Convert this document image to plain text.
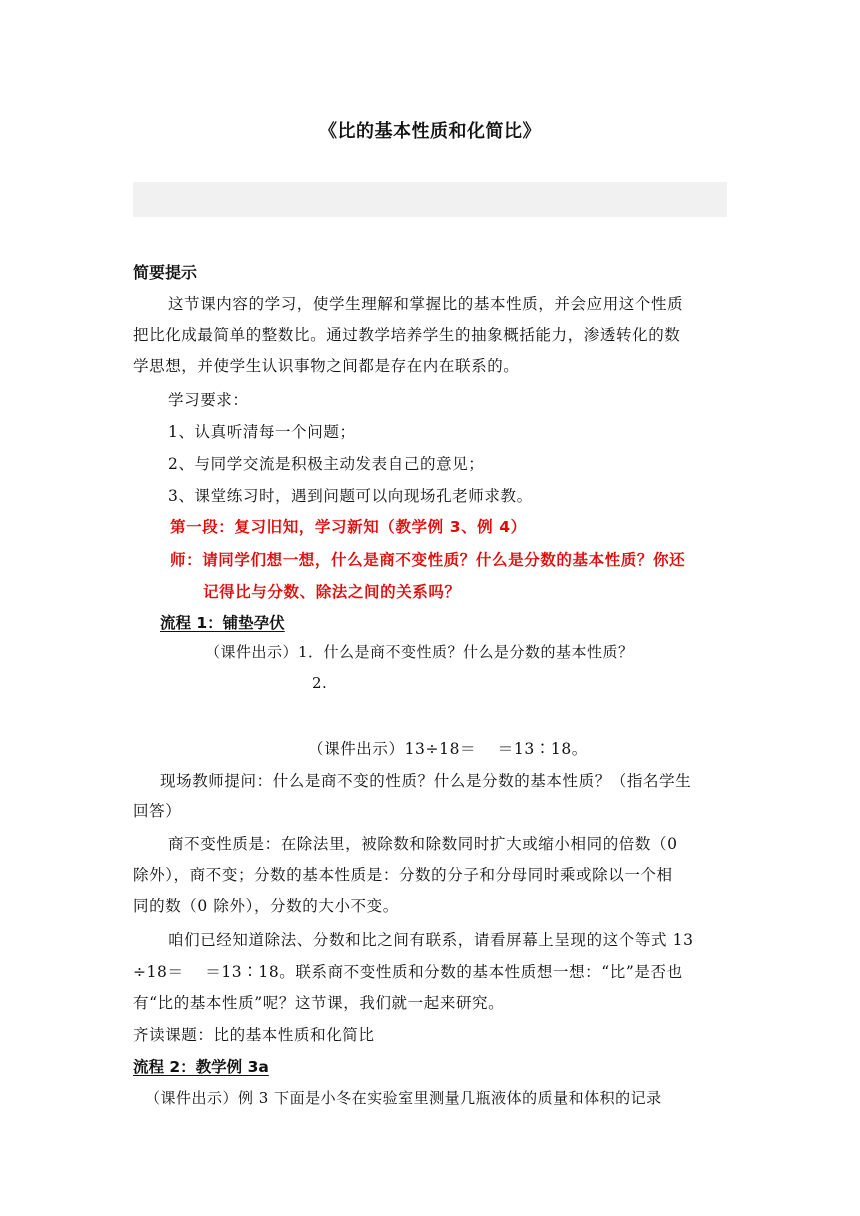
《比的基本性质和化简比》
简要提示
这节课内容的学习，使学生理解和掌握比的基本性质，并会应用这个性质
把比化成最简单的整数比。通过教学培养学生的抽象概括能力，渗透转化的数
学思想，并使学生认识事物之间都是存在内在联系的。
学习要求：
1、认真听清每一个问题；
2、与同学交流是积极主动发表自己的意见；
3、课堂练习时，遇到问题可以向现场孔老师求教。
第一段：复习旧知，学习新知（教学例 3、例 4）
师：请同学们想一想，什么是商不变性质？什么是分数的基本性质？你还
记得比与分数、除法之间的关系吗？
流程 1：铺垫孕伏
（课件出示）1．什么是商不变性质？什么是分数的基本性质？
2.
（课件出示）13÷18＝　 ＝13∶18。
现场教师提问：什么是商不变的性质？什么是分数的基本性质？（指名学生
回答）
商不变性质是：在除法里，被除数和除数同时扩大或缩小相同的倍数（0
除外），商不变；分数的基本性质是：分数的分子和分母同时乘或除以一个相
同的数（0 除外），分数的大小不变。
咱们已经知道除法、分数和比之间有联系，请看屏幕上呈现的这个等式 13
÷18＝　 ＝13∶18。联系商不变性质和分数的基本性质想一想：“比”是否也
有“比的基本性质”呢？这节课，我们就一起来研究。
齐读课题：比的基本性质和化简比
流程 2：教学例 3a
（课件出示）例 3 下面是小冬在实验室里测量几瓶液体的质量和体积的记录
